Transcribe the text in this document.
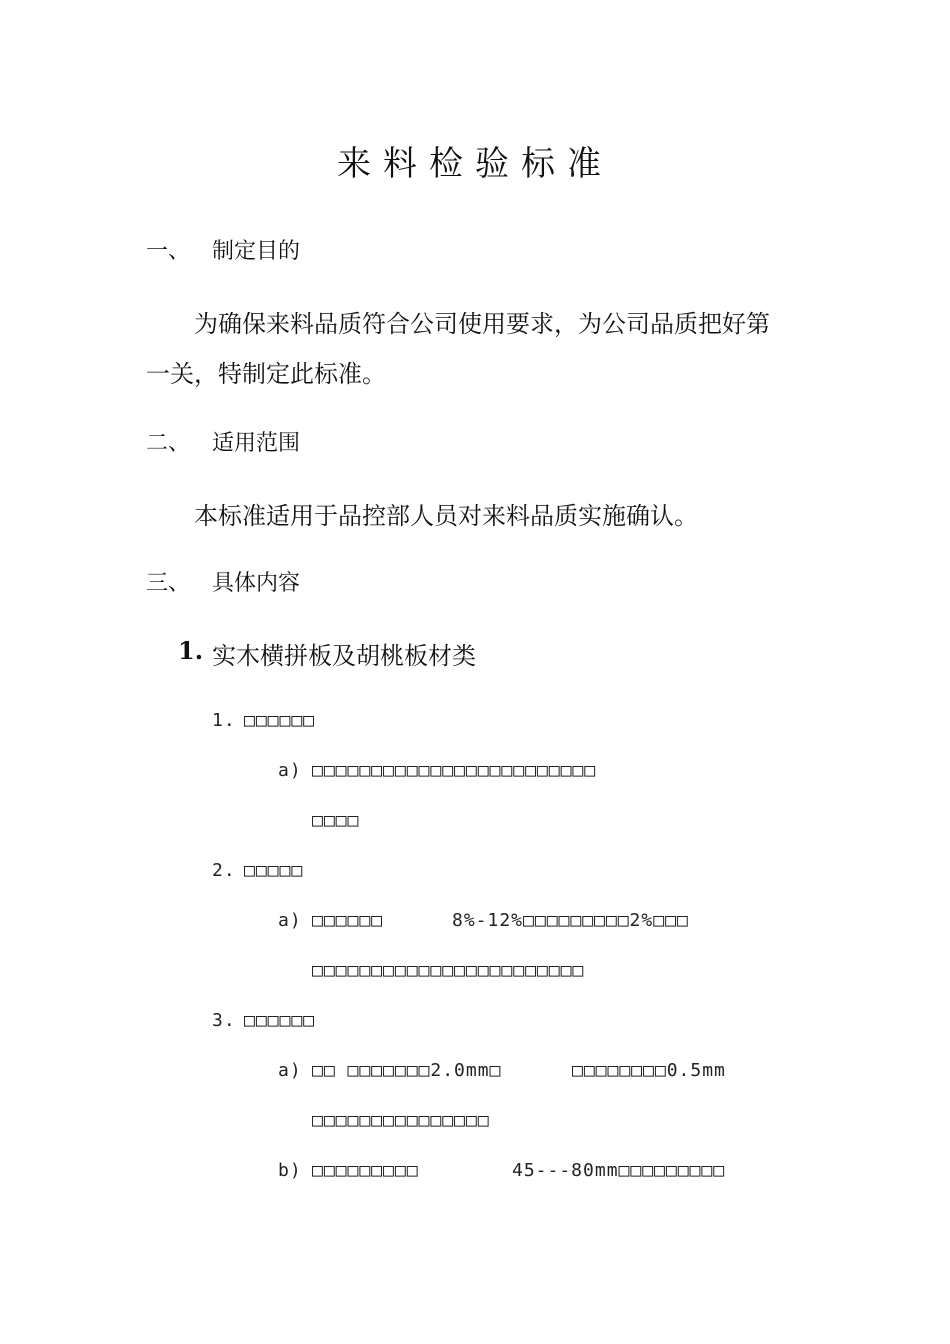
来料检验标准
一、 制定目的
为确保来料品质符合公司使用要求，为公司品质把好第
一关，特制定此标准。
二、 适用范围
本标准适用于品控部人员对来料品质实施确认。
三、 具体内容
1. 实木横拼板及胡桃板材类
1. □□□□□□
a) □□□□□□□□□□□□□□□□□□□□□□□□
□□□□
2. □□□□□
a) □□□□□□	8%-12%□□□□□□□□□2%□□□
□□□□□□□□□□□□□□□□□□□□□□□
3. □□□□□□
a) □□ □□□□□□□2.0mm□	□□□□□□□□0.5mm
□□□□□□□□□□□□□□□
b) □□□□□□□□□	45---80mm□□□□□□□□□
